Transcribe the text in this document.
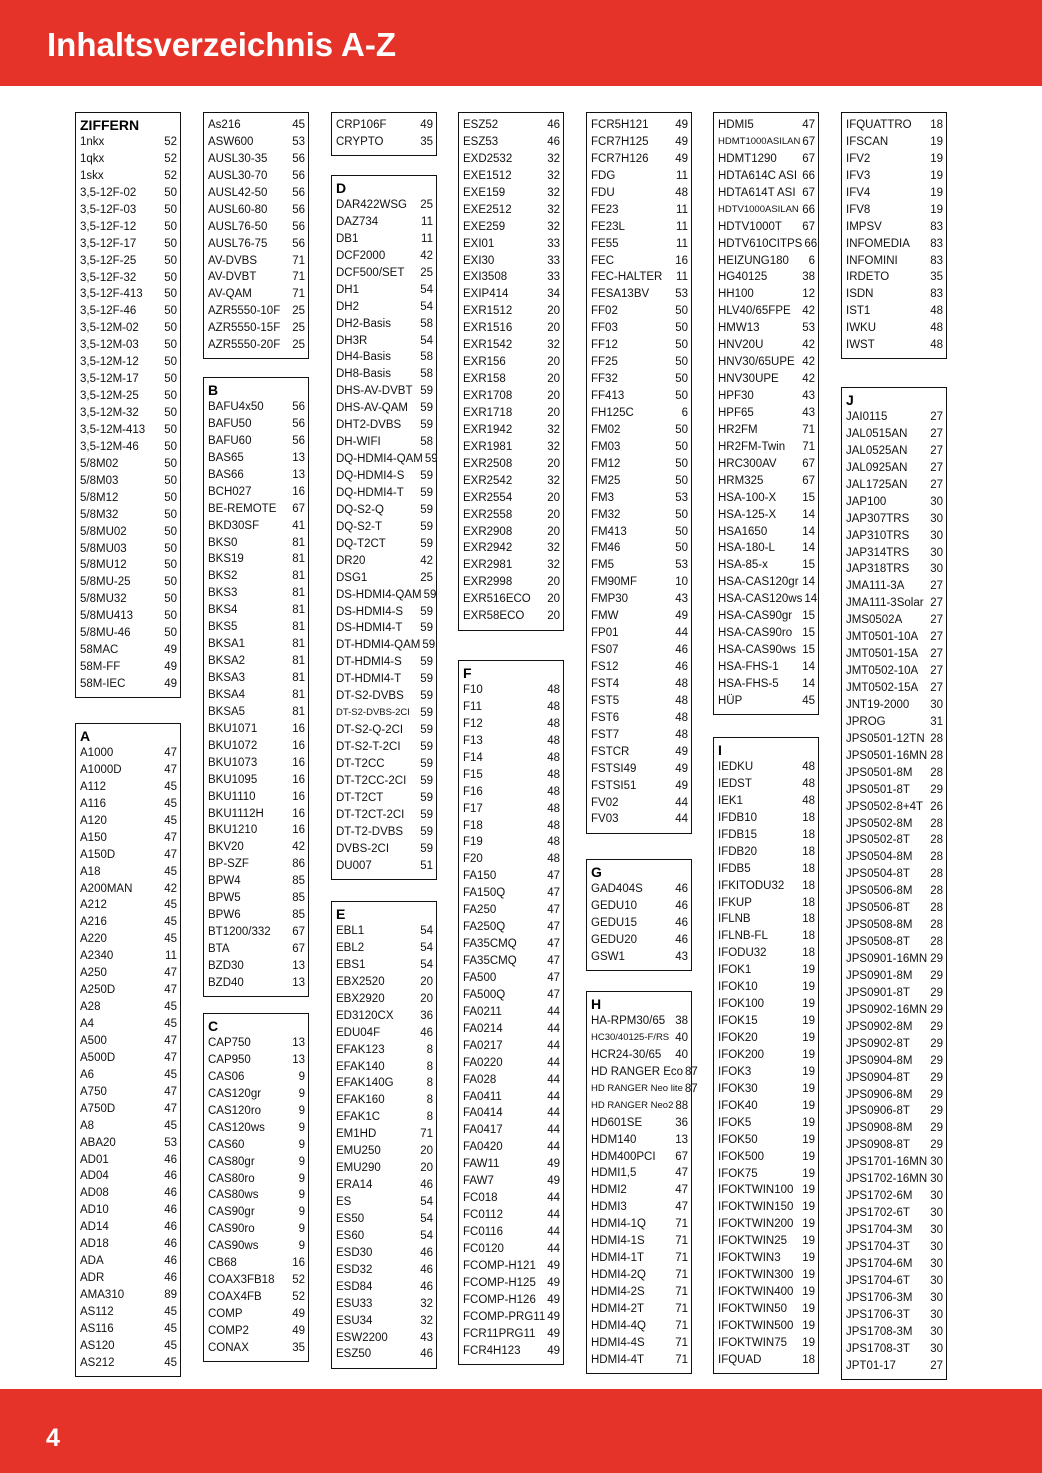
Inhaltsverzeichnis A-Z
ZIFFERN
1nkx	52
1qkx	52
1skx	52
3,5-12F-02 50
3,5-12F-03 50
3,5-12F-12 50
3,5-12F-17 50
3,5-12F-25 50
3,5-12F-32 50
3,5-12F-413 50
3,5-12F-46 50
3,5-12M-02 50
3,5-12M-03 50
3,5-12M-12 50
3,5-12M-17 50
3,5-12M-25 50
3,5-12M-32 50
3,5-12M-413 50
3,5-12M-46 50
5/8M02	50
5/8M03	50
5/8M12	50
5/8M32	50
5/8MU02	50
5/8MU03	50
5/8MU12	50
5/8MU-25	50
5/8MU32	50
5/8MU413	50
5/8MU-46	50
58MAC	49
58M-FF	49
58M-IEC	49
A
A1000	47
A1000D	47
A112	45
A116	45
A120	45
A150	47
A150D	47
A18	45
A200MAN	42
A212	45
A216	45
A220	45
A2340	11
A250	47
A250D	47
A28	45
A4	45
A500	47
A500D	47
A6	45
A750	47
A750D	47
A8	45
ABA20	53
AD01	46
AD04	46
AD08	46
AD10	46
AD14	46
AD18	46
ADA	46
ADR	46
AMA310	89
AS112	45
AS116	45
AS120	45
AS212	45
As216	45
ASW600	53
AUSL30-35 56
AUSL30-70 56
AUSL42-50 56
AUSL60-80 56
AUSL76-50 56
AUSL76-75 56
AV-DVBS	71
AV-DVBT	71
AV-QAM	71
AZR5550-10F 25
AZR5550-15F 25
AZR5550-20F 25
B
BAFU4x50 56
BAFU50	56
BAFU60	56
BAS65	13
BAS66	13
BCH027	16
BE-REMOTE 67
BKD30SF	41
BKS0	81
BKS19	81
BKS2	81
BKS3	81
BKS4	81
BKS5	81
BKSA1	81
BKSA2	81
BKSA3	81
BKSA4	81
BKSA5	81
BKU1071	16
BKU1072	16
BKU1073	16
BKU1095	16
BKU1110	16
BKU1112H 16
BKU1210	16
BKV20	42
BP-SZF	86
BPW4	85
BPW5	85
BPW6	85
BT1200/332 67
BTA	67
BZD30	13
BZD40	13
C
CAP750	13
CAP950	13
CAS06	9
CAS120gr	9
CAS120ro	9
CAS120ws	9
CAS60	9
CAS80gr	9
CAS80ro	9
CAS80ws	9
CAS90gr	9
CAS90ro	9
CAS90ws	9
CB68	16
COAX3FB18 52
COAX4FB	52
COMP	49
COMP2	49
CONAX	35
CRP106F	49
CRYPTO	35
D
DAR422WSG 25
DAZ734	11
DB1	11
DCF2000	42
DCF500/SET 25
DH1	54
DH2	54
DH2-Basis	58
DH3R	54
DH4-Basis	58
DH8-Basis	58
DHS-AV-DVBT 59
DHS-AV-QAM 59
DHT2-DVBS 59
DH-WIFI	58
DQ-HDMI4-QAM 59
DQ-HDMI4-S 59
DQ-HDMI4-T 59
DQ-S2-Q	59
DQ-S2-T	59
DQ-T2CT	59
DR20	42
DSG1	25
DS-HDMI4-QAM 59
DS-HDMI4-S 59
DS-HDMI4-T 59
DT-HDMI4-QAM 59
DT-HDMI4-S 59
DT-HDMI4-T 59
DT-S2-DVBS 59
DT-S2-DVBS-2CI 59
DT-S2-Q-2CI 59
DT-S2-T-2CI 59
DT-T2CC	59
DT-T2CC-2CI 59
DT-T2CT	59
DT-T2CT-2CI 59
DT-T2-DVBS 59
DVBS-2CI	59
DU007	51
E
EBL1	54
EBL2	54
EBS1	54
EBX2520	20
EBX2920	20
ED3120CX 36
EDU04F	46
EFAK123	8
EFAK140	8
EFAK140G	8
EFAK160	8
EFAK1C	8
EM1HD	71
EMU250	20
EMU290	20
ERA14	46
ES	54
ES50	54
ES60	54
ESD30	46
ESD32	46
ESD84	46
ESU33	32
ESU34	32
ESW2200	43
ESZ50	46
ESZ52	46
ESZ53	46
EXD2532	32
EXE1512	32
EXE159	32
EXE2512	32
EXE259	32
EXI01	33
EXI30	33
EXI3508	33
EXIP414	34
EXR1512	20
EXR1516	20
EXR1542	32
EXR156	20
EXR158	20
EXR1708	20
EXR1718	20
EXR1942	32
EXR1981	32
EXR2508	20
EXR2542	32
EXR2554	20
EXR2558	20
EXR2908	20
EXR2942	32
EXR2981	32
EXR2998	20
EXR516ECO 20
EXR58ECO 20
F
F10	48
F11	48
F12	48
F13	48
F14	48
F15	48
F16	48
F17	48
F18	48
F19	48
F20	48
FA150	47
FA150Q	47
FA250	47
FA250Q	47
FA35CMQ	47
FA35CMQ	47
FA500	47
FA500Q	47
FA0211	44
FA0214	44
FA0217	44
FA0220	44
FA028	44
FA0411	44
FA0414	44
FA0417	44
FA0420	44
FAW11	49
FAW7	49
FC018	44
FC0112	44
FC0116	44
FC0120	44
FCOMP-H121 49
FCOMP-H125 49
FCOMP-H126 49
FCOMP-PRG11 49
FCR11PRG11 49
FCR4H123 49
FCR5H121 49
FCR7H125 49
FCR7H126 49
FDG	11
FDU	48
FE23	11
FE23L	11
FE55	11
FEC	16
FEC-HALTER 11
FESA13BV 53
FF02	50
FF03	50
FF12	50
FF25	50
FF32	50
FF413	50
FH125C	6
FM02	50
FM03	50
FM12	50
FM25	50
FM3	53
FM32	50
FM413	50
FM46	50
FM5	53
FM90MF	10
FMP30	43
FMW	49
FP01	44
FS07	46
FS12	46
FST4	48
FST5	48
FST6	48
FST7	48
FSTCR	49
FSTSI49	49
FSTSI51	49
FV02	44
FV03	44
G
GAD404S	46
GEDU10	46
GEDU15	46
GEDU20	46
GSW1	43
H
HA-RPM30/65 38
HC30/40125-F/RS 40
HCR24-30/65 40
HD RANGER Eco 87
HD RANGER Neo lite 87
HD RANGER Neo2 88
HD601SE	36
HDM140	13
HDM400PCI 67
HDMI1,5	47
HDMI2	47
HDMI3	47
HDMI4-1Q	71
HDMI4-1S	71
HDMI4-1T	71
HDMI4-2Q	71
HDMI4-2S	71
HDMI4-2T	71
HDMI4-4Q	71
HDMI4-4S	71
HDMI4-4T	71
HDMI5	47
HDMT1000ASILAN 67
HDMT1290 67
HDTA614C ASI 66
HDTA614T ASI 67
HDTV1000ASILAN 66
HDTV1000T 67
HDTV610CITPS 66
HEIZUNG180 6
HG40125	38
HH100	12
HLV40/65FPE 42
HMW13	53
HNV20U	42
HNV30/65UPE 42
HNV30UPE 42
HPF30	43
HPF65	43
HR2FM	71
HR2FM-Twin 71
HRC300AV 67
HRM325	67
HSA-100-X 15
HSA-125-X 14
HSA1650	14
HSA-180-L 14
HSA-85-x	15
HSA-CAS120gr 14
HSA-CAS120ws 14
HSA-CAS90gr 15
HSA-CAS90ro 15
HSA-CAS90ws 15
HSA-FHS-1 14
HSA-FHS-5 14
HÜP	45
I
IEDKU	48
IEDST	48
IEK1	48
IFDB10	18
IFDB15	18
IFDB20	18
IFDB5	18
IFKITODU32 18
IFKUP	18
IFLNB	18
IFLNB-FL	18
IFODU32	18
IFOK1	19
IFOK10	19
IFOK100	19
IFOK15	19
IFOK20	19
IFOK200	19
IFOK3	19
IFOK30	19
IFOK40	19
IFOK5	19
IFOK50	19
IFOK500	19
IFOK75	19
IFOKTWIN100 19
IFOKTWIN150 19
IFOKTWIN200 19
IFOKTWIN25 19
IFOKTWIN3 19
IFOKTWIN300 19
IFOKTWIN400 19
IFOKTWIN50 19
IFOKTWIN500 19
IFOKTWIN75 19
IFQUAD	18
IFQUATTRO 18
IFSCAN	19
IFV2	19
IFV3	19
IFV4	19
IFV8	19
IMPSV	83
INFOMEDIA 83
INFOMINI	83
IRDETO	35
ISDN	83
IST1	48
IWKU	48
IWST	48
J
JAI0115	27
JAL0515AN 27
JAL0525AN 27
JAL0925AN 27
JAL1725AN 27
JAP100	30
JAP307TRS 30
JAP310TRS 30
JAP314TRS 30
JAP318TRS 30
JMA111-3A 27
JMA111-3Solar 27
JMS0502A 27
JMT0501-10A 27
JMT0501-15A 27
JMT0502-10A 27
JMT0502-15A 27
JNT19-2000 30
JPROG	31
JPS0501-12TN 28
JPS0501-16MN 28
JPS0501-8M 28
JPS0501-8T 29
JPS0502-8+4T 26
JPS0502-8M 28
JPS0502-8T 28
JPS0504-8M 28
JPS0504-8T 28
JPS0506-8M 28
JPS0506-8T 28
JPS0508-8M 28
JPS0508-8T 28
JPS0901-16MN 29
JPS0901-8M 29
JPS0901-8T 29
JPS0902-16MN 29
JPS0902-8M 29
JPS0902-8T 29
JPS0904-8M 29
JPS0904-8T 29
JPS0906-8M 29
JPS0906-8T 29
JPS0908-8M 29
JPS0908-8T 29
JPS1701-16MN 30
JPS1702-16MN 30
JPS1702-6M 30
JPS1702-6T 30
JPS1704-3M 30
JPS1704-3T 30
JPS1704-6M 30
JPS1704-6T 30
JPS1706-3M 30
JPS1706-3T 30
JPS1708-3M 30
JPS1708-3T 30
JPT01-17	27
4
